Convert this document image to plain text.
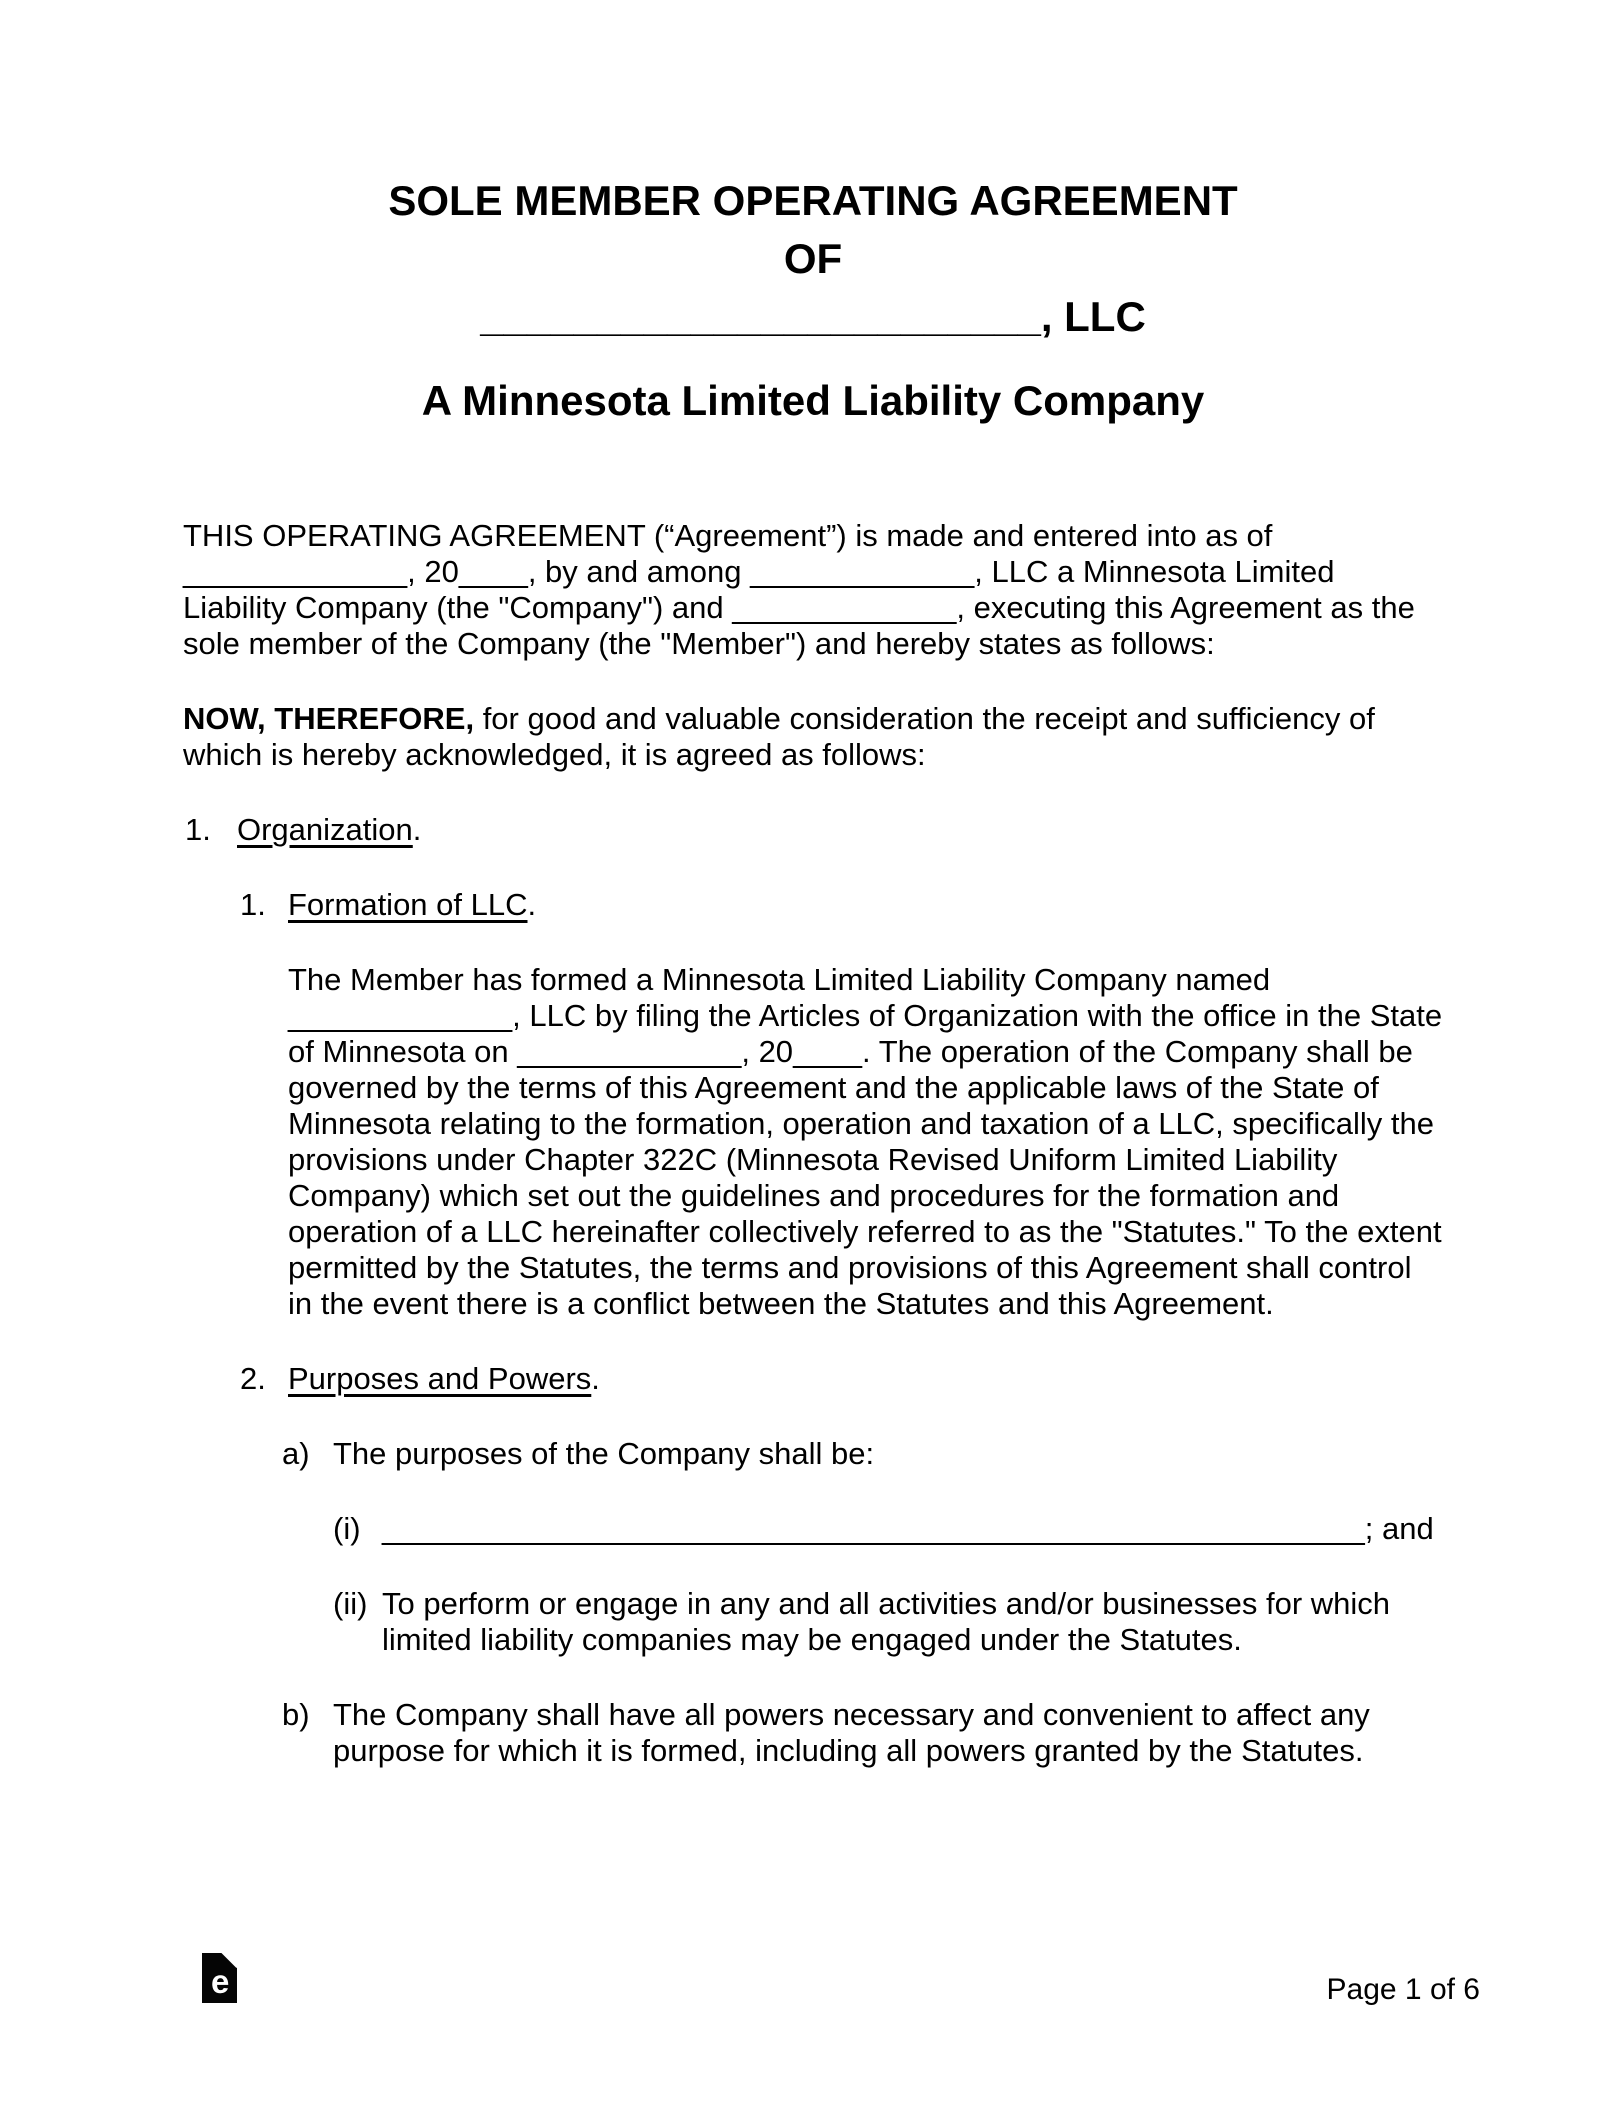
SOLE MEMBER OPERATING AGREEMENT
OF
________________________, LLC
A Minnesota Limited Liability Company
THIS OPERATING AGREEMENT (“Agreement”) is made and entered into as of _____________, 20____, by and among _____________, LLC a Minnesota Limited Liability Company (the "Company") and _____________, executing this Agreement as the sole member of the Company (the "Member") and hereby states as follows:
NOW, THEREFORE, for good and valuable consideration the receipt and sufficiency of which is hereby acknowledged, it is agreed as follows:
1. Organization.
1. Formation of LLC.
The Member has formed a Minnesota Limited Liability Company named _____________, LLC by filing the Articles of Organization with the office in the State of Minnesota on _____________, 20____. The operation of the Company shall be governed by the terms of this Agreement and the applicable laws of the State of Minnesota relating to the formation, operation and taxation of a LLC, specifically the provisions under Chapter 322C (Minnesota Revised Uniform Limited Liability Company) which set out the guidelines and procedures for the formation and operation of a LLC hereinafter collectively referred to as the "Statutes." To the extent permitted by the Statutes, the terms and provisions of this Agreement shall control in the event there is a conflict between the Statutes and this Agreement.
2. Purposes and Powers.
a) The purposes of the Company shall be:
(i) _________________________________________________________; and
(ii) To perform or engage in any and all activities and/or businesses for which limited liability companies may be engaged under the Statutes.
b) The Company shall have all powers necessary and convenient to affect any purpose for which it is formed, including all powers granted by the Statutes.
e	Page 1 of 6
